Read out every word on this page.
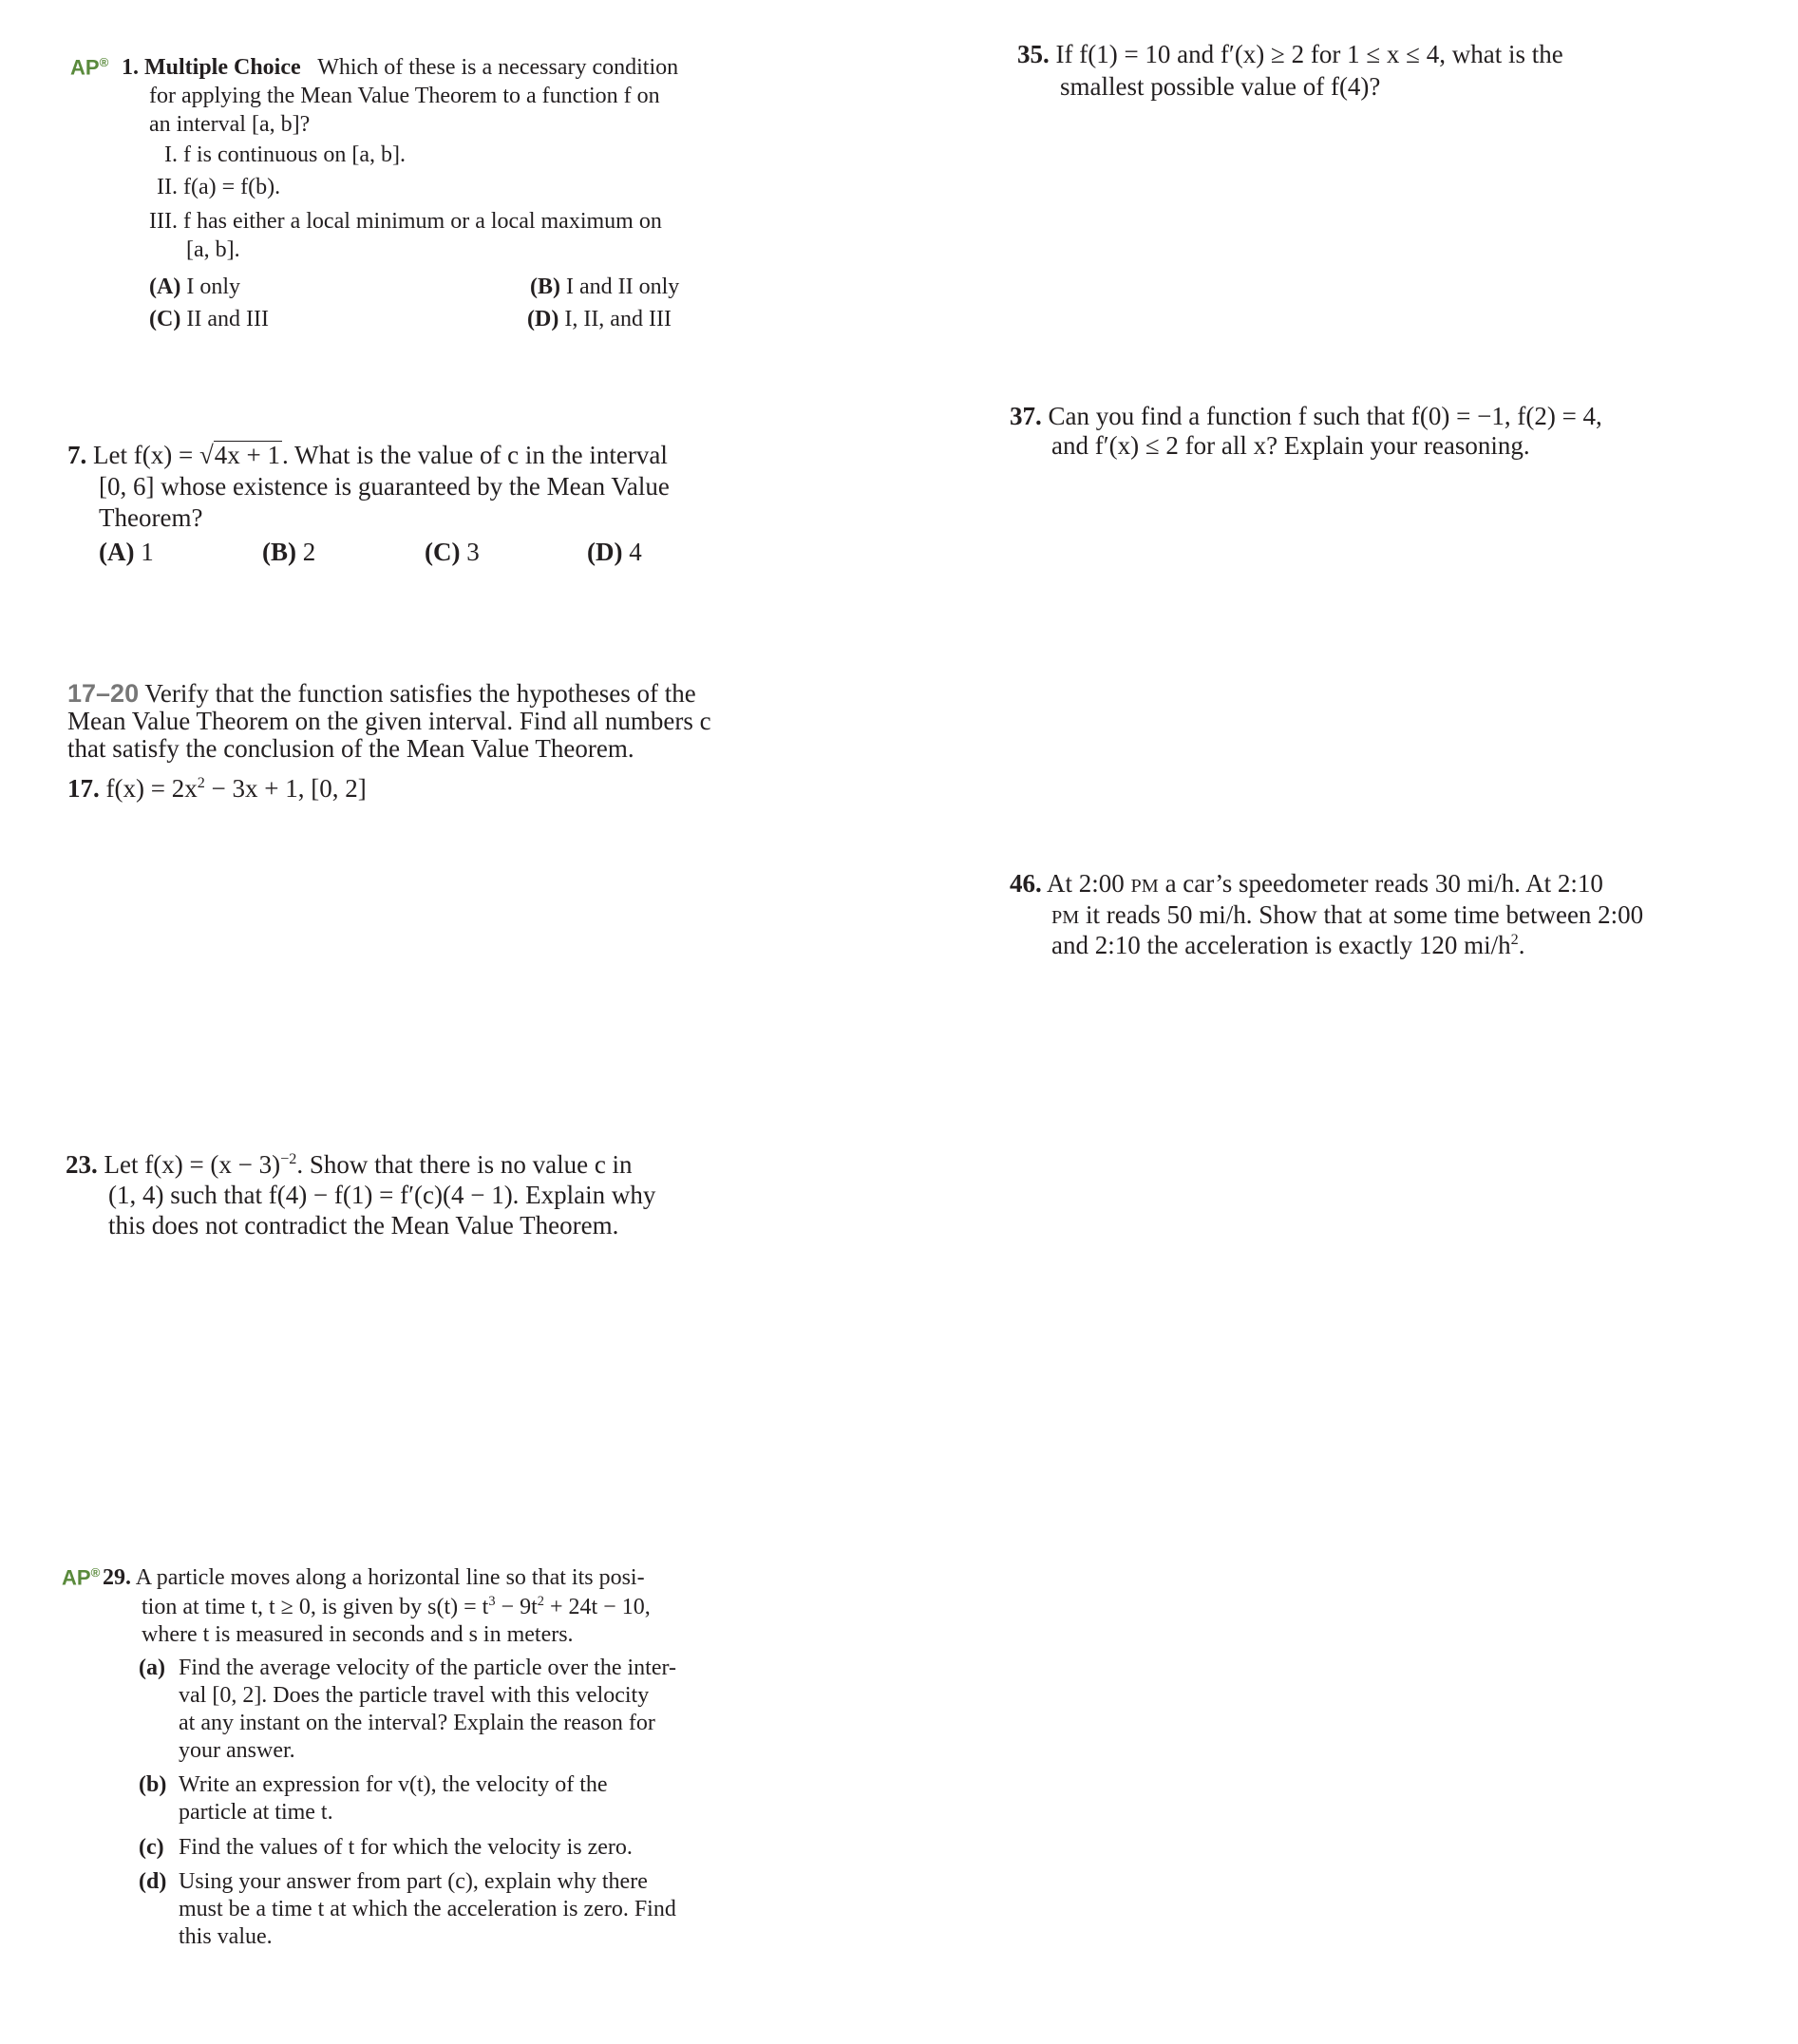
AP® 1. Multiple Choice Which of these is a necessary condition
for applying the Mean Value Theorem to a function f on
an interval [a, b]?
I. f is continuous on [a, b].
II. f(a) = f(b).
III. f has either a local minimum or a local maximum on
[a, b].
(A) I only	(B) I and II only
(C) II and III	(D) I, II, and III
7. Let f(x) = √4x + 1. What is the value of c in the interval
[0, 6] whose existence is guaranteed by the Mean Value
Theorem?
(A) 1	(B) 2	(C) 3	(D) 4
17–20 Verify that the function satisfies the hypotheses of the
Mean Value Theorem on the given interval. Find all numbers c
that satisfy the conclusion of the Mean Value Theorem.
17. $f(x) = 2x^2 - 3x + 1$, [0, 2]
23. Let $f(x) = (x - 3)^{-2}$. Show that there is no value c in
(1, 4) such that f(4) − f(1) = f′(c)(4 − 1). Explain why
this does not contradict the Mean Value Theorem.
AP® 29. A particle moves along a horizontal line so that its posi-
tion at time t, t ≥ 0, is given by $s(t) = t^3 - 9t^2 + 24t - 10$,
where t is measured in seconds and s in meters.
(a) Find the average velocity of the particle over the inter-
val [0, 2]. Does the particle travel with this velocity
at any instant on the interval? Explain the reason for
your answer.
(b) Write an expression for v(t), the velocity of the
particle at time t.
(c) Find the values of t for which the velocity is zero.
(d) Using your answer from part (c), explain why there
must be a time t at which the acceleration is zero. Find
this value.
35. If f(1) = 10 and f′(x) ≥ 2 for 1 ≤ x ≤ 4, what is the
smallest possible value of f(4)?
37. Can you find a function f such that f(0) = −1, f(2) = 4,
and f′(x) ≤ 2 for all x? Explain your reasoning.
46. At 2:00 PM a car’s speedometer reads 30 mi/h. At 2:10
PM it reads 50 mi/h. Show that at some time between 2:00
and 2:10 the acceleration is exactly 120 $mi/h^2$.
